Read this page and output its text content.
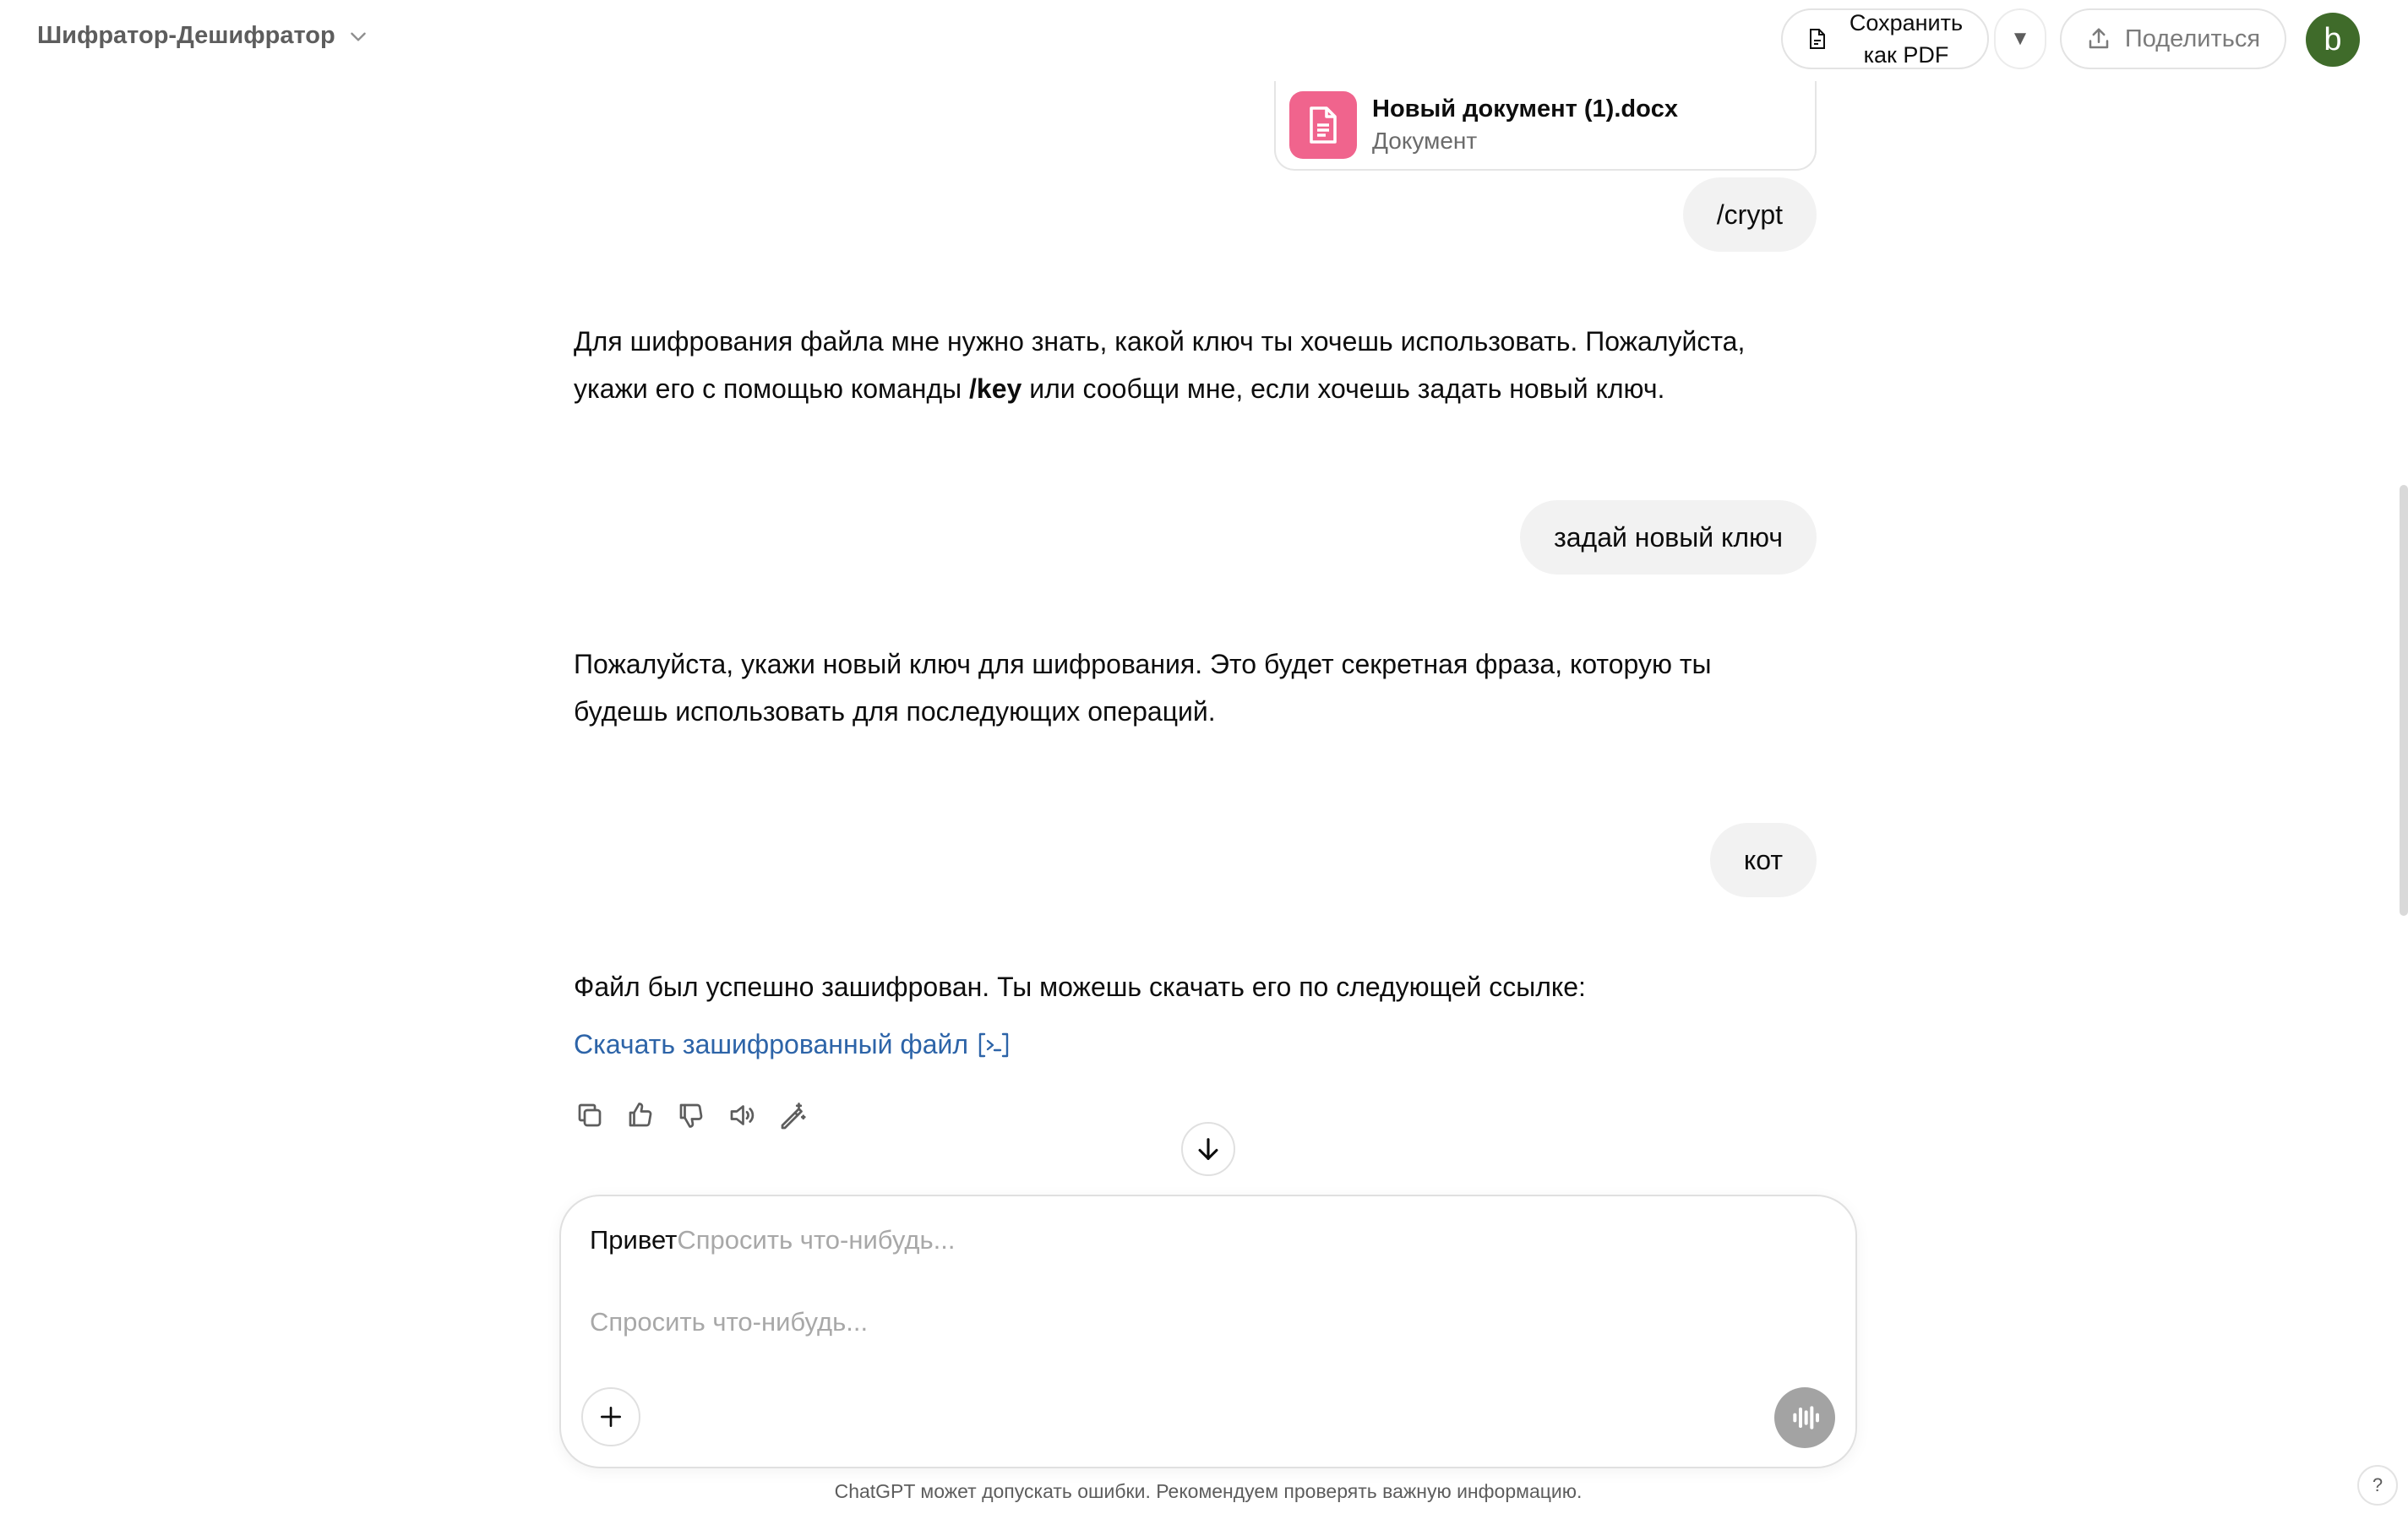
Шифратор-Дешифратор	Сохранить как PDF
▼	Поделиться	b
Новый документ (1).docx
Документ
/crypt
Для шифрования файла мне нужно знать, какой ключ ты хочешь использовать. Пожалуйста, укажи его с помощью команды /key или сообщи мне, если хочешь задать новый ключ.
задай новый ключ
Пожалуйста, укажи новый ключ для шифрования. Это будет секретная фраза, которую ты будешь использовать для последующих операций.
кот
Файл был успешно зашифрован. Ты можешь скачать его по следующей ссылке:
Скачать зашифрованный файл
ПриветСпросить что-нибудь...
Спросить что-нибудь...
ChatGPT может допускать ошибки. Рекомендуем проверять важную информацию.	?
